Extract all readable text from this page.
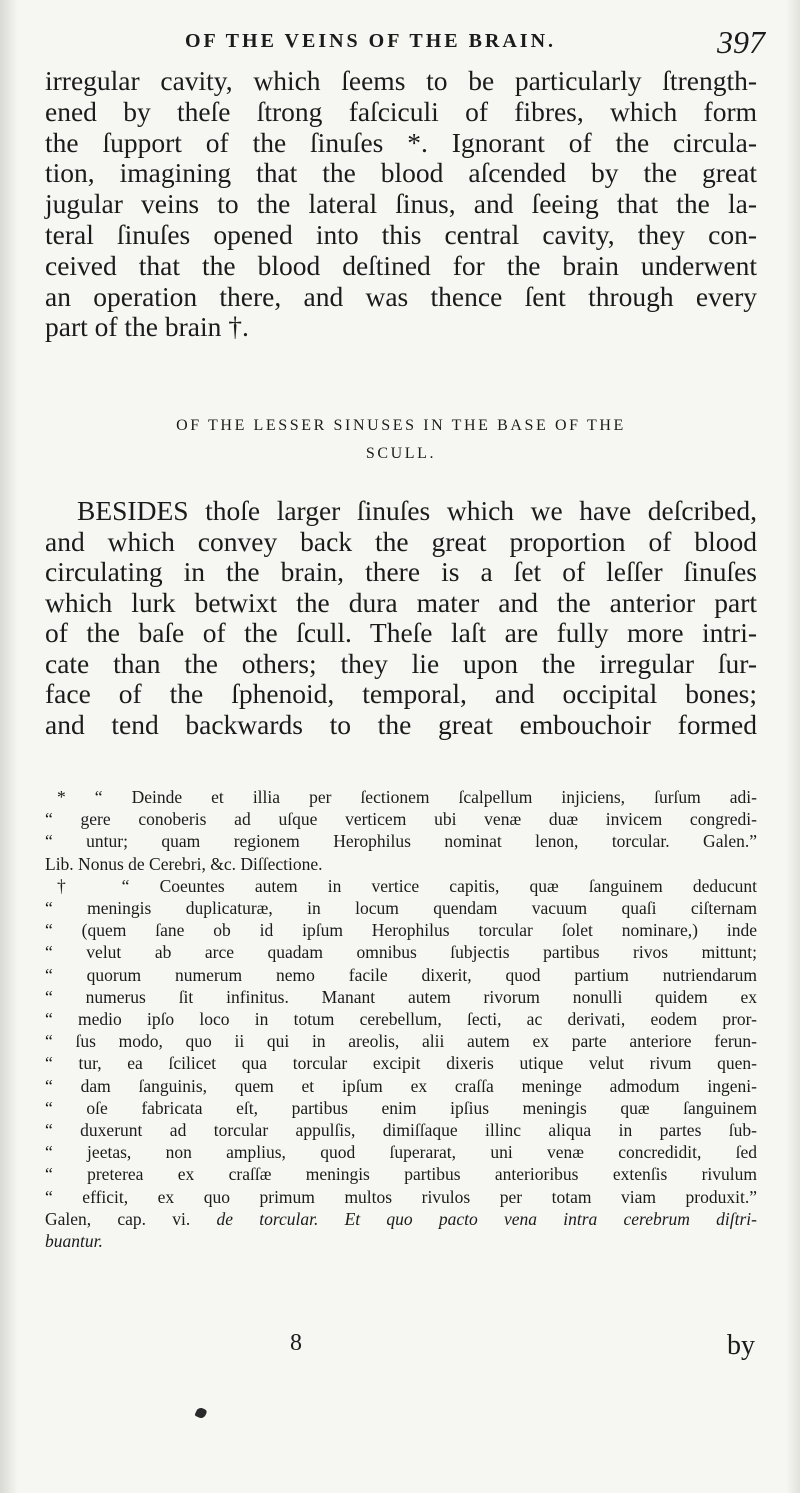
OF THE VEINS OF THE BRAIN.	397
irregular cavity, which ſeems to be particularly ſtrength-
ened by theſe ſtrong faſciculi of fibres, which form
the ſupport of the ſinuſes *. Ignorant of the circula-
tion, imagining that the blood aſcended by the great
jugular veins to the lateral ſinus, and ſeeing that the la-
teral ſinuſes opened into this central cavity, they con-
ceived that the blood deſtined for the brain underwent
an operation there, and was thence ſent through every
part of the brain †.
OF THE LESSER SINUSES IN THE BASE OF THE
SCULL.
BESIDES thoſe larger ſinuſes which we have deſcribed,
and which convey back the great proportion of blood
circulating in the brain, there is a ſet of leſſer ſinuſes
which lurk betwixt the dura mater and the anterior part
of the baſe of the ſcull. Theſe laſt are fully more intri-
cate than the others; they lie upon the irregular ſur-
face of the ſphenoid, temporal, and occipital bones;
and tend backwards to the great embouchoir formed
* “ Deinde et illia per ſectionem ſcalpellum injiciens, ſurſum adi-
“ gere conoberis ad uſque verticem ubi venæ duæ invicem congredi-
“ untur; quam regionem Herophilus nominat lenon, torcular. Galen.”
Lib. Nonus de Cerebri, &c. Diſſectione.
† “ Coeuntes autem in vertice capitis, quæ ſanguinem deducunt
“ meningis duplicaturæ, in locum quendam vacuum quaſi ciſternam
“ (quem ſane ob id ipſum Herophilus torcular ſolet nominare,) inde
“ velut ab arce quadam omnibus ſubjectis partibus rivos mittunt;
“ quorum numerum nemo facile dixerit, quod partium nutriendarum
“ numerus ſit infinitus. Manant autem rivorum nonulli quidem ex
“ medio ipſo loco in totum cerebellum, ſecti, ac derivati, eodem pror-
“ ſus modo, quo ii qui in areolis, alii autem ex parte anteriore ferun-
“ tur, ea ſcilicet qua torcular excipit dixeris utique velut rivum quen-
“ dam ſanguinis, quem et ipſum ex craſſa meninge admodum ingeni-
“ oſe fabricata eſt, partibus enim ipſius meningis quæ ſanguinem
“ duxerunt ad torcular appulſis, dimiſſaque illinc aliqua in partes ſub-
“ jeetas, non amplius, quod ſuperarat, uni venæ concredidit, ſed
“ preterea ex craſſæ meningis partibus anterioribus extenſis rivulum
“ efficit, ex quo primum multos rivulos per totam viam produxit.”
Galen, cap. vi. de torcular. Et quo pacto vena intra cerebrum diſtri-
buantur.
8	by
